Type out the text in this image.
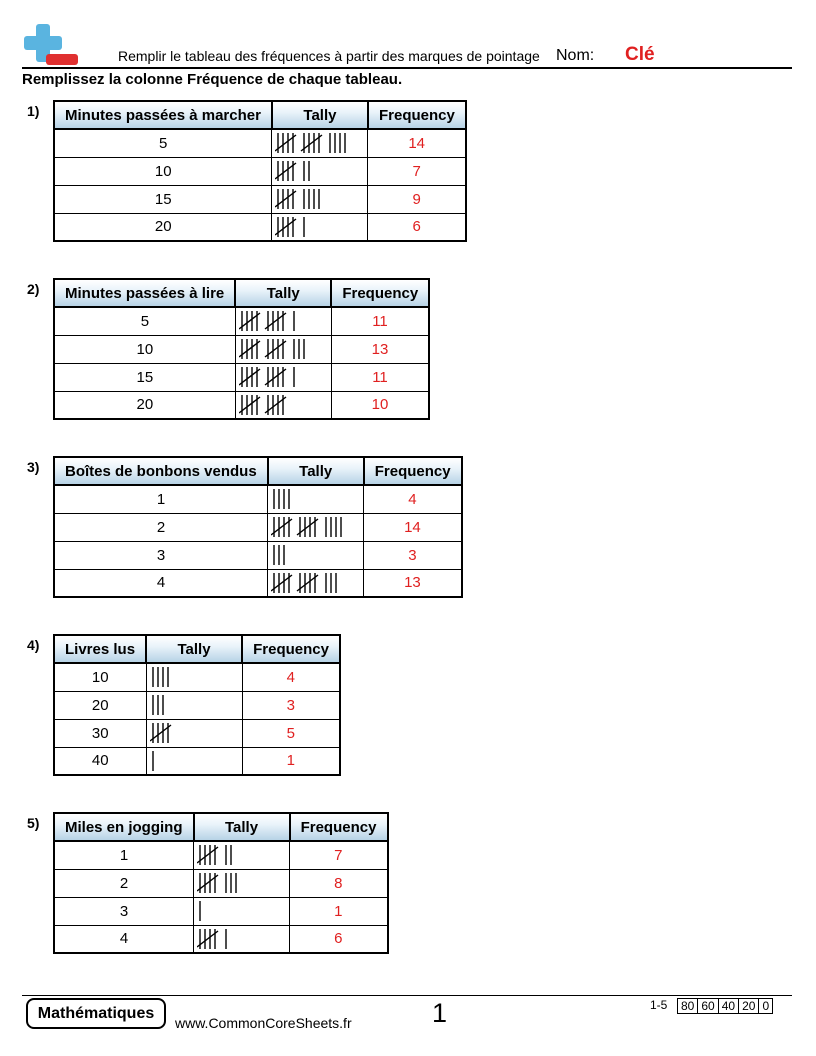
Remplir le tableau des fréquences à partir des marques de pointage Nom: Clé
Remplissez la colonne Fréquence de chaque tableau.
1) Minutes passées à marcher	Tally	Frequency
5		14
10		7
15		9
20		6
2) Minutes passées à lire	Tally	Frequency
5		11
10		13
15		11
20		10
3) Boîtes de bonbons vendus	Tally	Frequency
1		4
2		14
3		3
4		13
4) Livres lus	Tally	Frequency
10		4
20		3
30		5
40		1
5) Miles en jogging	Tally	Frequency
1		7
2		8
3		1
4		6
Mathématiques
www.CommonCoreSheets.fr	1	1-5	80 60 40 20 0
